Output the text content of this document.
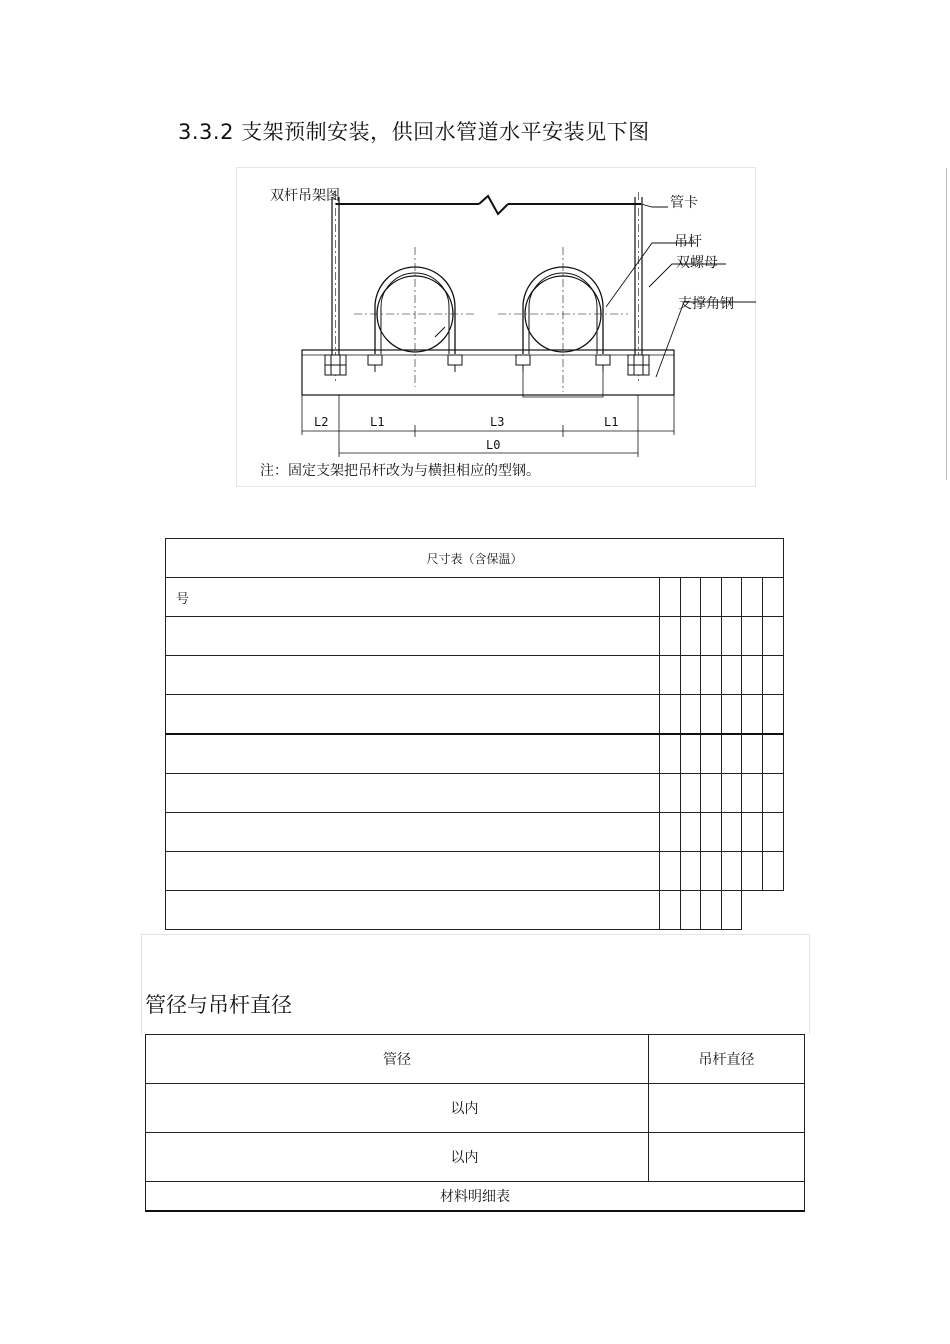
3.3.2 支架预制安装，供回水管道水平安装见下图
双杆吊架图	管卡
吊杆
双螺母
支撑角钢
L2	L1	L3	L1
L0
注：固定支架把吊杆改为与横担相应的型钢。
尺寸表（含保温）						
号						

管径与吊杆直径
管径	吊杆直径
以内	
以内	
材料明细表	
